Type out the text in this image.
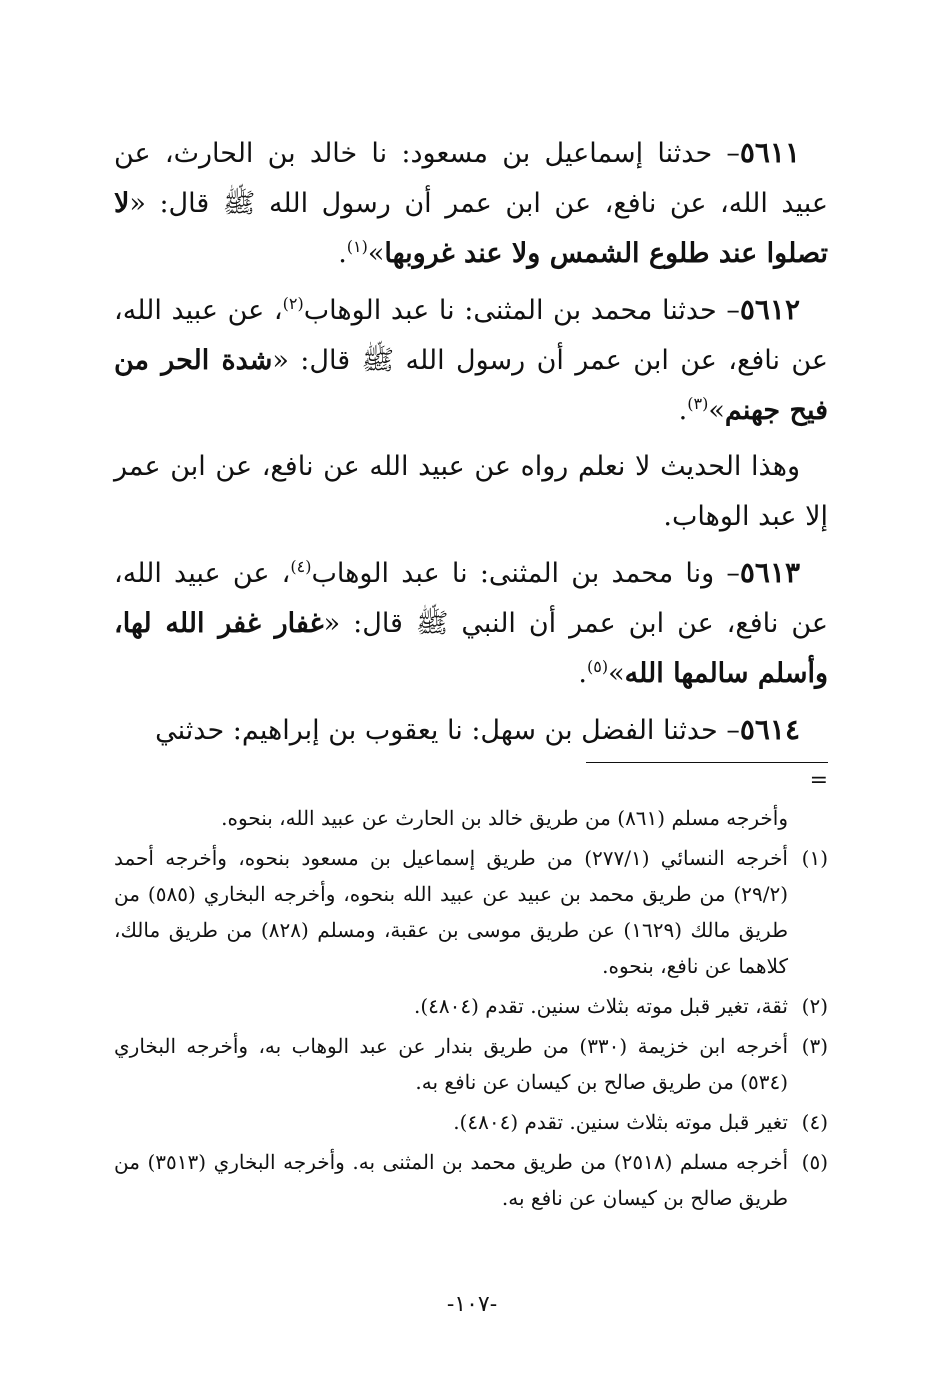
٥٦١١– حدثنا إسماعيل بن مسعود: نا خالد بن الحارث، عن عبيد الله، عن نافع، عن ابن عمر أن رسول الله ﷺ قال: «لا تصلوا عند طلوع الشمس ولا عند غروبها»$^{(١)}$.

٥٦١٢– حدثنا محمد بن المثنى: نا عبد الوهاب$^{(٢)}$، عن عبيد الله، عن نافع، عن ابن عمر أن رسول الله ﷺ قال: «شدة الحر من فيح جهنم»$^{(٣)}$.

وهذا الحديث لا نعلم رواه عن عبيد الله عن نافع، عن ابن عمر إلا عبد الوهاب.

٥٦١٣– ونا محمد بن المثنى: نا عبد الوهاب$^{(٤)}$، عن عبيد الله، عن نافع، عن ابن عمر أن النبي ﷺ قال: «غفار غفر الله لها، وأسلم سالمها الله»$^{(٥)}$.

٥٦١٤– حدثنا الفضل بن سهل: نا يعقوب بن إبراهيم: حدثني

=
وأخرجه مسلم (٨٦١) من طريق خالد بن الحارث عن عبيد الله، بنحوه.
(١)
أخرجه النسائي (٢٧٧/١) من طريق إسماعيل بن مسعود بنحوه، وأخرجه أحمد (٢٩/٢) من طريق محمد بن عبيد عن عبيد الله بنحوه، وأخرجه البخاري (٥٨٥) من طريق مالك (١٦٢٩) عن طريق موسى بن عقبة، ومسلم (٨٢٨) من طريق مالك، كلاهما عن نافع، بنحوه.
(٢)
ثقة، تغير قبل موته بثلاث سنين. تقدم (٤٨٠٤).
(٣)
أخرجه ابن خزيمة (٣٣٠) من طريق بندار عن عبد الوهاب به، وأخرجه البخاري (٥٣٤) من طريق صالح بن كيسان عن نافع به.
(٤)
تغير قبل موته بثلاث سنين. تقدم (٤٨٠٤).
(٥)
أخرجه مسلم (٢٥١٨) من طريق محمد بن المثنى به. وأخرجه البخاري (٣٥١٣) من طريق صالح بن كيسان عن نافع به.
-١٠٧-
